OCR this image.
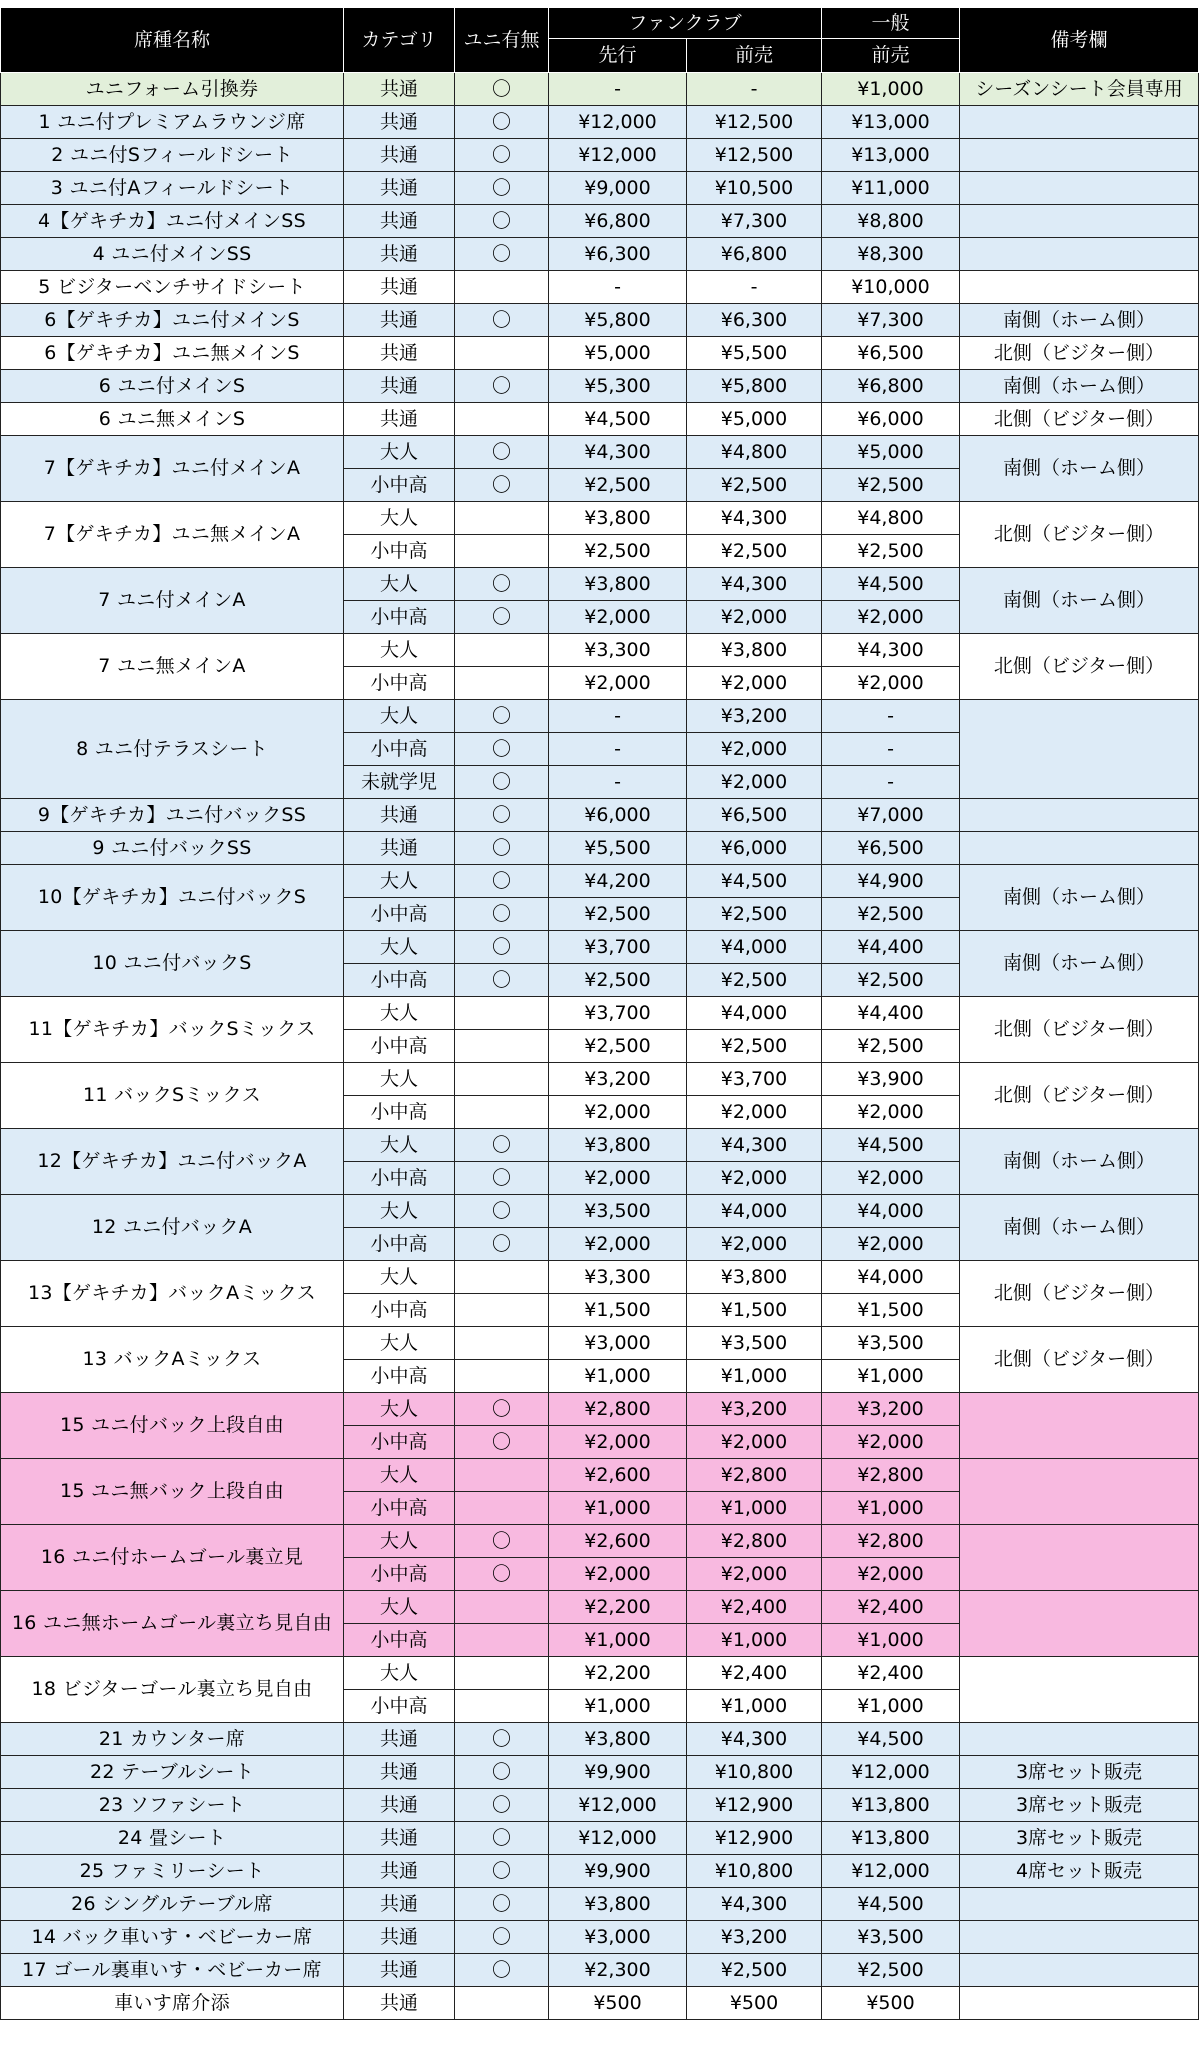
席種名称	カテゴリ	ユニ有無	ファンクラブ		一般	備考欄
			先行	前売	前売	
ユニフォーム引換券	共通	〇	-	-	¥1,000	シーズンシート会員専用
1 ユニ付プレミアムラウンジ席	共通	〇	¥12,000	¥12,500	¥13,000	
2 ユニ付Sフィールドシート	共通	〇	¥12,000	¥12,500	¥13,000	
3 ユニ付Aフィールドシート	共通	〇	¥9,000	¥10,500	¥11,000	
4【ゲキチカ】ユニ付メインSS	共通	〇	¥6,800	¥7,300	¥8,800	
4 ユニ付メインSS	共通	〇	¥6,300	¥6,800	¥8,300	
5 ビジターベンチサイドシート	共通		-	-	¥10,000	
6【ゲキチカ】ユニ付メインS	共通	〇	¥5,800	¥6,300	¥7,300	南側（ホーム側）
6【ゲキチカ】ユニ無メインS	共通		¥5,000	¥5,500	¥6,500	北側（ビジター側）
6 ユニ付メインS	共通	〇	¥5,300	¥5,800	¥6,800	南側（ホーム側）
6 ユニ無メインS	共通		¥4,500	¥5,000	¥6,000	北側（ビジター側）
7【ゲキチカ】ユニ付メインA	大人	〇	¥4,300	¥4,800	¥5,000	南側（ホーム側）
	小中高	〇	¥2,500	¥2,500	¥2,500	
7【ゲキチカ】ユニ無メインA	大人		¥3,800	¥4,300	¥4,800	北側（ビジター側）
	小中高		¥2,500	¥2,500	¥2,500	
7 ユニ付メインA	大人	〇	¥3,800	¥4,300	¥4,500	南側（ホーム側）
	小中高	〇	¥2,000	¥2,000	¥2,000	
7 ユニ無メインA	大人		¥3,300	¥3,800	¥4,300	北側（ビジター側）
	小中高		¥2,000	¥2,000	¥2,000	
8 ユニ付テラスシート	大人	〇	-	¥3,200	-	
	小中高	〇	-	¥2,000	-	
	未就学児	〇	-	¥2,000	-	
9【ゲキチカ】ユニ付バックSS	共通	〇	¥6,000	¥6,500	¥7,000	
9 ユニ付バックSS	共通	〇	¥5,500	¥6,000	¥6,500	
10【ゲキチカ】ユニ付バックS	大人	〇	¥4,200	¥4,500	¥4,900	南側（ホーム側）
	小中高	〇	¥2,500	¥2,500	¥2,500	
10 ユニ付バックS	大人	〇	¥3,700	¥4,000	¥4,400	南側（ホーム側）
	小中高	〇	¥2,500	¥2,500	¥2,500	
11【ゲキチカ】バックSミックス	大人		¥3,700	¥4,000	¥4,400	北側（ビジター側）
	小中高		¥2,500	¥2,500	¥2,500	
11 バックSミックス	大人		¥3,200	¥3,700	¥3,900	北側（ビジター側）
	小中高		¥2,000	¥2,000	¥2,000	
12【ゲキチカ】ユニ付バックA	大人	〇	¥3,800	¥4,300	¥4,500	南側（ホーム側）
	小中高	〇	¥2,000	¥2,000	¥2,000	
12 ユニ付バックA	大人	〇	¥3,500	¥4,000	¥4,000	南側（ホーム側）
	小中高	〇	¥2,000	¥2,000	¥2,000	
13【ゲキチカ】バックAミックス	大人		¥3,300	¥3,800	¥4,000	北側（ビジター側）
	小中高		¥1,500	¥1,500	¥1,500	
13 バックAミックス	大人		¥3,000	¥3,500	¥3,500	北側（ビジター側）
	小中高		¥1,000	¥1,000	¥1,000	
15 ユニ付バック上段自由	大人	〇	¥2,800	¥3,200	¥3,200	
	小中高	〇	¥2,000	¥2,000	¥2,000	
15 ユニ無バック上段自由	大人		¥2,600	¥2,800	¥2,800	
	小中高		¥1,000	¥1,000	¥1,000	
16 ユニ付ホームゴール裏立見	大人	〇	¥2,600	¥2,800	¥2,800	
	小中高	〇	¥2,000	¥2,000	¥2,000	
16 ユニ無ホームゴール裏立ち見自由	大人		¥2,200	¥2,400	¥2,400	
	小中高		¥1,000	¥1,000	¥1,000	
18 ビジターゴール裏立ち見自由	大人		¥2,200	¥2,400	¥2,400	
	小中高		¥1,000	¥1,000	¥1,000	
21 カウンター席	共通	〇	¥3,800	¥4,300	¥4,500	
22 テーブルシート	共通	〇	¥9,900	¥10,800	¥12,000	3席セット販売
23 ソファシート	共通	〇	¥12,000	¥12,900	¥13,800	3席セット販売
24 畳シート	共通	〇	¥12,000	¥12,900	¥13,800	3席セット販売
25 ファミリーシート	共通	〇	¥9,900	¥10,800	¥12,000	4席セット販売
26 シングルテーブル席	共通	〇	¥3,800	¥4,300	¥4,500	
14 バック車いす・ベビーカー席	共通	〇	¥3,000	¥3,200	¥3,500	
17 ゴール裏車いす・ベビーカー席	共通	〇	¥2,300	¥2,500	¥2,500	
車いす席介添	共通		¥500	¥500	¥500	
